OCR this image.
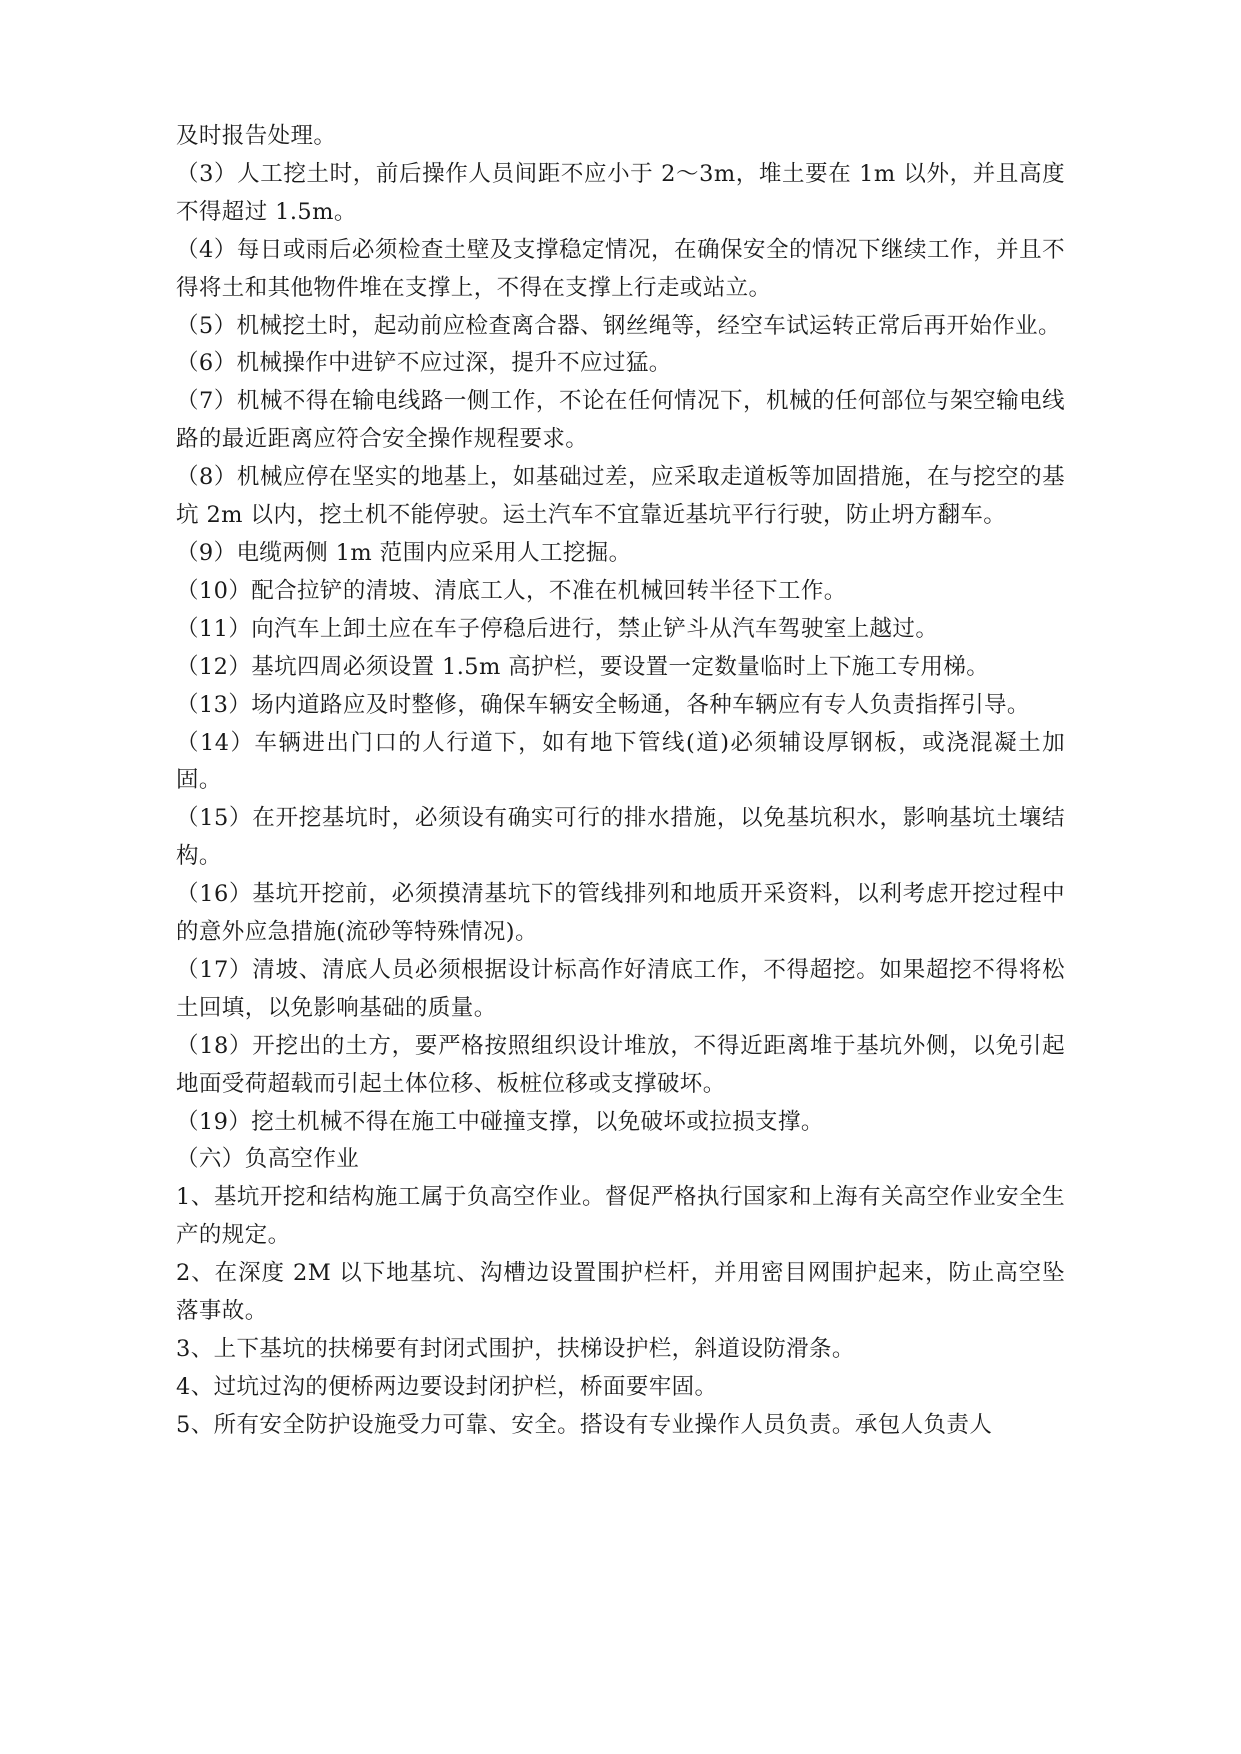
及时报告处理。

（3）人工挖土时，前后操作人员间距不应小于 2～3m，堆土要在 1m 以外，并且高度不得超过 1.5m。

（4）每日或雨后必须检查土壁及支撑稳定情况，在确保安全的情况下继续工作，并且不得将土和其他物件堆在支撑上，不得在支撑上行走或站立。

（5）机械挖土时，起动前应检查离合器、钢丝绳等，经空车试运转正常后再开始作业。

（6）机械操作中进铲不应过深，提升不应过猛。

（7）机械不得在输电线路一侧工作，不论在任何情况下，机械的任何部位与架空输电线路的最近距离应符合安全操作规程要求。

（8）机械应停在坚实的地基上，如基础过差，应采取走道板等加固措施，在与挖空的基坑 2m 以内，挖土机不能停驶。运土汽车不宜靠近基坑平行行驶，防止坍方翻车。

（9）电缆两侧 1m 范围内应采用人工挖掘。

（10）配合拉铲的清坡、清底工人，不准在机械回转半径下工作。

（11）向汽车上卸土应在车子停稳后进行，禁止铲斗从汽车驾驶室上越过。

（12）基坑四周必须设置 1.5m 高护栏，要设置一定数量临时上下施工专用梯。

（13）场内道路应及时整修，确保车辆安全畅通，各种车辆应有专人负责指挥引导。

（14）车辆进出门口的人行道下，如有地下管线(道)必须辅设厚钢板，或浇混凝土加固。

（15）在开挖基坑时，必须设有确实可行的排水措施，以免基坑积水，影响基坑土壤结构。

（16）基坑开挖前，必须摸清基坑下的管线排列和地质开采资料，以利考虑开挖过程中的意外应急措施(流砂等特殊情况)。

（17）清坡、清底人员必须根据设计标高作好清底工作，不得超挖。如果超挖不得将松土回填，以免影响基础的质量。

（18）开挖出的土方，要严格按照组织设计堆放，不得近距离堆于基坑外侧，以免引起地面受荷超载而引起土体位移、板桩位移或支撑破坏。

（19）挖土机械不得在施工中碰撞支撑，以免破坏或拉损支撑。

（六）负高空作业

1、基坑开挖和结构施工属于负高空作业。督促严格执行国家和上海有关高空作业安全生产的规定。

2、在深度 2M 以下地基坑、沟槽边设置围护栏杆，并用密目网围护起来，防止高空坠落事故。

3、上下基坑的扶梯要有封闭式围护，扶梯设护栏，斜道设防滑条。

4、过坑过沟的便桥两边要设封闭护栏，桥面要牢固。

5、所有安全防护设施受力可靠、安全。搭设有专业操作人员负责。承包人负责人
